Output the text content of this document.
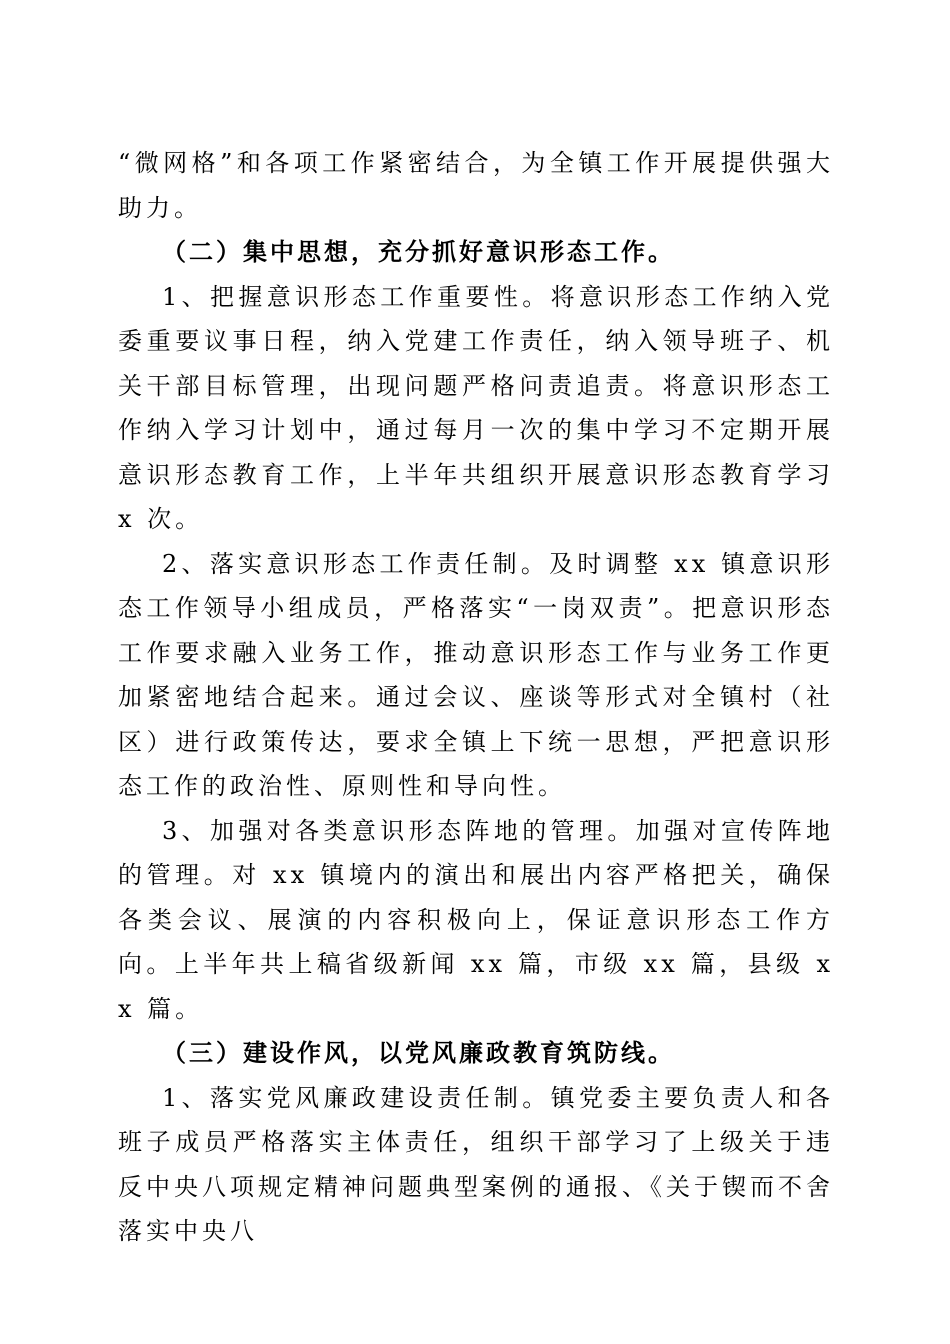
“微网格”和各项工作紧密结合，为全镇工作开展提供强大助力。

（二）集中思想，充分抓好意识形态工作。

1、把握意识形态工作重要性。将意识形态工作纳入党委重要议事日程，纳入党建工作责任，纳入领导班子、机关干部目标管理，出现问题严格问责追责。将意识形态工作纳入学习计划中，通过每月一次的集中学习不定期开展意识形态教育工作，上半年共组织开展意识形态教育学习 x 次。

2、落实意识形态工作责任制。及时调整 xx 镇意识形态工作领导小组成员，严格落实“一岗双责”。把意识形态工作要求融入业务工作，推动意识形态工作与业务工作更加紧密地结合起来。通过会议、座谈等形式对全镇村（社区）进行政策传达，要求全镇上下统一思想，严把意识形态工作的政治性、原则性和导向性。

3、加强对各类意识形态阵地的管理。加强对宣传阵地的管理。对 xx 镇境内的演出和展出内容严格把关，确保各类会议、展演的内容积极向上，保证意识形态工作方向。上半年共上稿省级新闻 xx 篇，市级 xx 篇，县级 xx 篇。

（三）建设作风，以党风廉政教育筑防线。

1、落实党风廉政建设责任制。镇党委主要负责人和各班子成员严格落实主体责任，组织干部学习了上级关于违反中央八项规定精神问题典型案例的通报、《关于锲而不舍落实中央八
